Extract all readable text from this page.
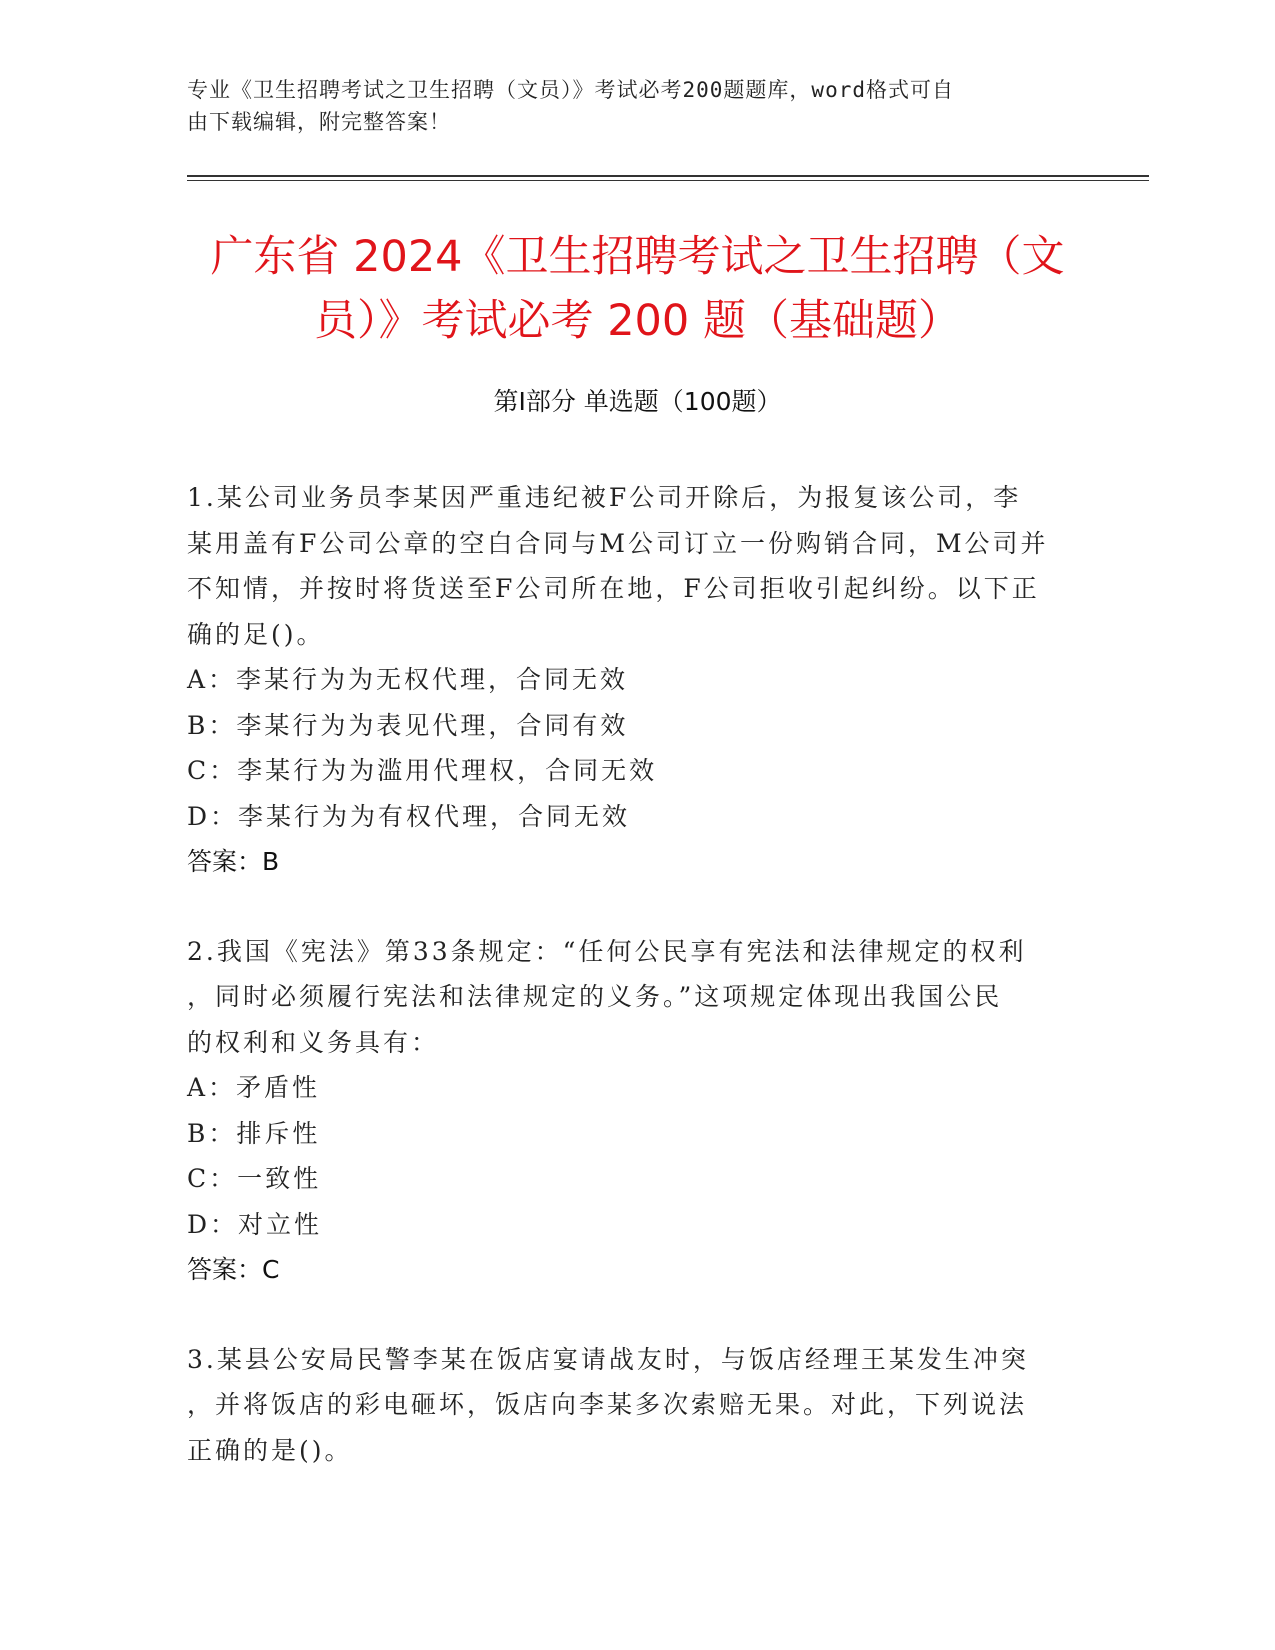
专业《卫生招聘考试之卫生招聘（文员）》考试必考200题题库，word格式可自
由下载编辑，附完整答案！
广东省 2024《卫生招聘考试之卫生招聘（文
员）》考试必考 200 题（基础题）
第Ⅰ部分 单选题（100题）
1.某公司业务员李某因严重违纪被F公司开除后，为报复该公司，李
某用盖有F公司公章的空白合同与M公司订立一份购销合同，M公司并
不知情，并按时将货送至F公司所在地，F公司拒收引起纠纷。以下正
确的足()。
A：李某行为为无权代理，合同无效
B：李某行为为表见代理，合同有效
C：李某行为为滥用代理权，合同无效
D：李某行为为有权代理，合同无效
答案：B
2.我国《宪法》第33条规定：“任何公民享有宪法和法律规定的权利
，同时必须履行宪法和法律规定的义务。”这项规定体现出我国公民
的权利和义务具有：
A：矛盾性
B：排斥性
C：一致性
D：对立性
答案：C
3.某县公安局民警李某在饭店宴请战友时，与饭店经理王某发生冲突
，并将饭店的彩电砸坏，饭店向李某多次索赔无果。对此，下列说法
正确的是()。
